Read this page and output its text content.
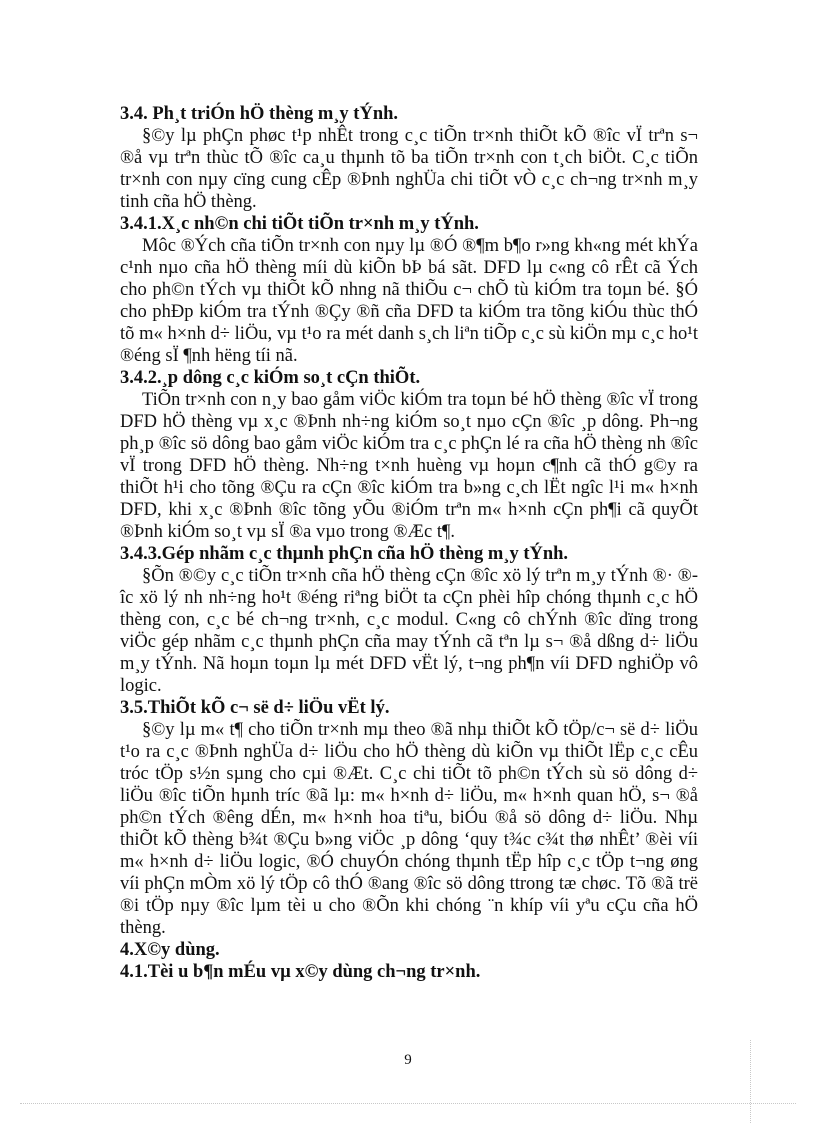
3.4. Ph¸t triÓn hÖ thèng m¸y tÝnh.

§©y lµ phÇn phøc t¹p nhÊt trong c¸c tiÕn tr×nh thiÕt kÕ ®îc vÏ trªn s¬ ®å vµ trªn thùc tÕ ®îc ca¸u thµnh tõ ba tiÕn tr×nh con t¸ch biÖt. C¸c tiÕn tr×nh con nµy cïng cung cÊp ®Þnh nghÜa chi tiÕt vÒ c¸c ch¬ng tr×nh m¸y tinh cña hÖ thèng.

3.4.1.X¸c nh©n chi tiÕt tiÕn tr×nh m¸y tÝnh.

Môc ®Ých cña tiÕn tr×nh con nµy lµ ®Ó ®¶m b¶o r»ng kh«ng mét khÝa c¹nh nµo cña hÖ thèng míi dù kiÕn bÞ bá sãt. DFD lµ c«ng cô rÊt cã Ých cho ph©n tÝch vµ thiÕt kÕ nhng nã thiÕu c¬ chÕ tù kiÓm tra toµn bé. §Ó cho phÐp kiÓm tra tÝnh ®Çy ®ñ cña DFD ta kiÓm tra tõng kiÓu thùc thÓ tõ m« h×nh d÷ liÖu, vµ t¹o ra mét danh s¸ch liªn tiÕp c¸c sù kiÖn mµ c¸c ho¹t ®éng sÏ ¶nh hëng tíi nã.

3.4.2.¸p dông c¸c kiÓm so¸t cÇn thiÕt.

TiÕn tr×nh con n¸y bao gåm viÖc kiÓm tra toµn bé hÖ thèng ®îc vÏ trong DFD hÖ thèng vµ x¸c ®Þnh nh÷ng kiÓm so¸t nµo cÇn ®îc ¸p dông. Ph¬ng ph¸p ®îc sö dông bao gåm viÖc kiÓm tra c¸c phÇn lé ra cña hÖ thèng nh ®îc vÏ trong DFD hÖ thèng. Nh÷ng t×nh huèng vµ hoµn c¶nh cã thÓ g©y ra thiÕt h¹i cho tõng ®Çu ra cÇn ®îc kiÓm tra b»ng c¸ch lËt ngîc l¹i m« h×nh DFD, khi x¸c ®Þnh ®îc tõng yÕu ®iÓm trªn m« h×nh cÇn ph¶i cã quyÕt ®Þnh kiÓm so¸t vµ sÏ ®a vµo trong ®Æc t¶.

3.4.3.Gép nhãm c¸c thµnh phÇn cña hÖ thèng m¸y tÝnh.

§Õn ®©y c¸c tiÕn tr×nh cña hÖ thèng cÇn ®îc xö lý trªn m¸y tÝnh ®· ®îc xö lý nh nh÷ng ho¹t ®éng riªng biÖt ta cÇn phèi hîp chóng thµnh c¸c hÖ thèng con, c¸c bé ch¬ng tr×nh, c¸c modul. C«ng cô chÝnh ®îc dïng trong viÖc gép nhãm c¸c thµnh phÇn cña may tÝnh cã tªn lµ s¬ ®å dßng d÷ liÖu m¸y tÝnh. Nã hoµn toµn lµ mét DFD vËt lý, t¬ng ph¶n víi DFD nghiÖp vô logic.

3.5.ThiÕt kÕ c¬ së d÷ liÖu vËt lý.

§©y lµ m« t¶ cho tiÕn tr×nh mµ theo ®ã nhµ thiÕt kÕ tÖp/c¬ së d÷ liÖu t¹o ra c¸c ®Þnh nghÜa d÷ liÖu cho hÖ thèng dù kiÕn vµ thiÕt lËp c¸c cÊu tróc tÖp s½n sµng cho cµi ®Æt. C¸c chi tiÕt tõ ph©n tÝch sù sö dông d÷ liÖu ®îc tiÕn hµnh tríc ®ã lµ: m« h×nh d÷ liÖu, m« h×nh quan hÖ, s¬ ®å ph©n tÝch ®êng dÉn, m« h×nh hoa tiªu, biÓu ®å sö dông d÷ liÖu. Nhµ thiÕt kÕ thèng b¾t ®Çu b»ng viÖc ¸p dông ‘quy t¾c c¾t thø nhÊt’ ®èi víi m« h×nh d÷ liÖu logic, ®Ó chuyÓn chóng thµnh tËp hîp c¸c tÖp t¬ng øng víi phÇn mÒm xö lý tÖp cô thÓ ®ang ®îc sö dông ttrong tæ chøc. Tõ ®ã trë ®i tÖp nµy ®îc lµm tèi u cho ®Õn khi chóng ¨n khíp víi yªu cÇu cña hÖ thèng.

4.X©y dùng.
4.1.Tèi u b¶n mÉu vµ x©y dùng ch¬ng tr×nh.
9
